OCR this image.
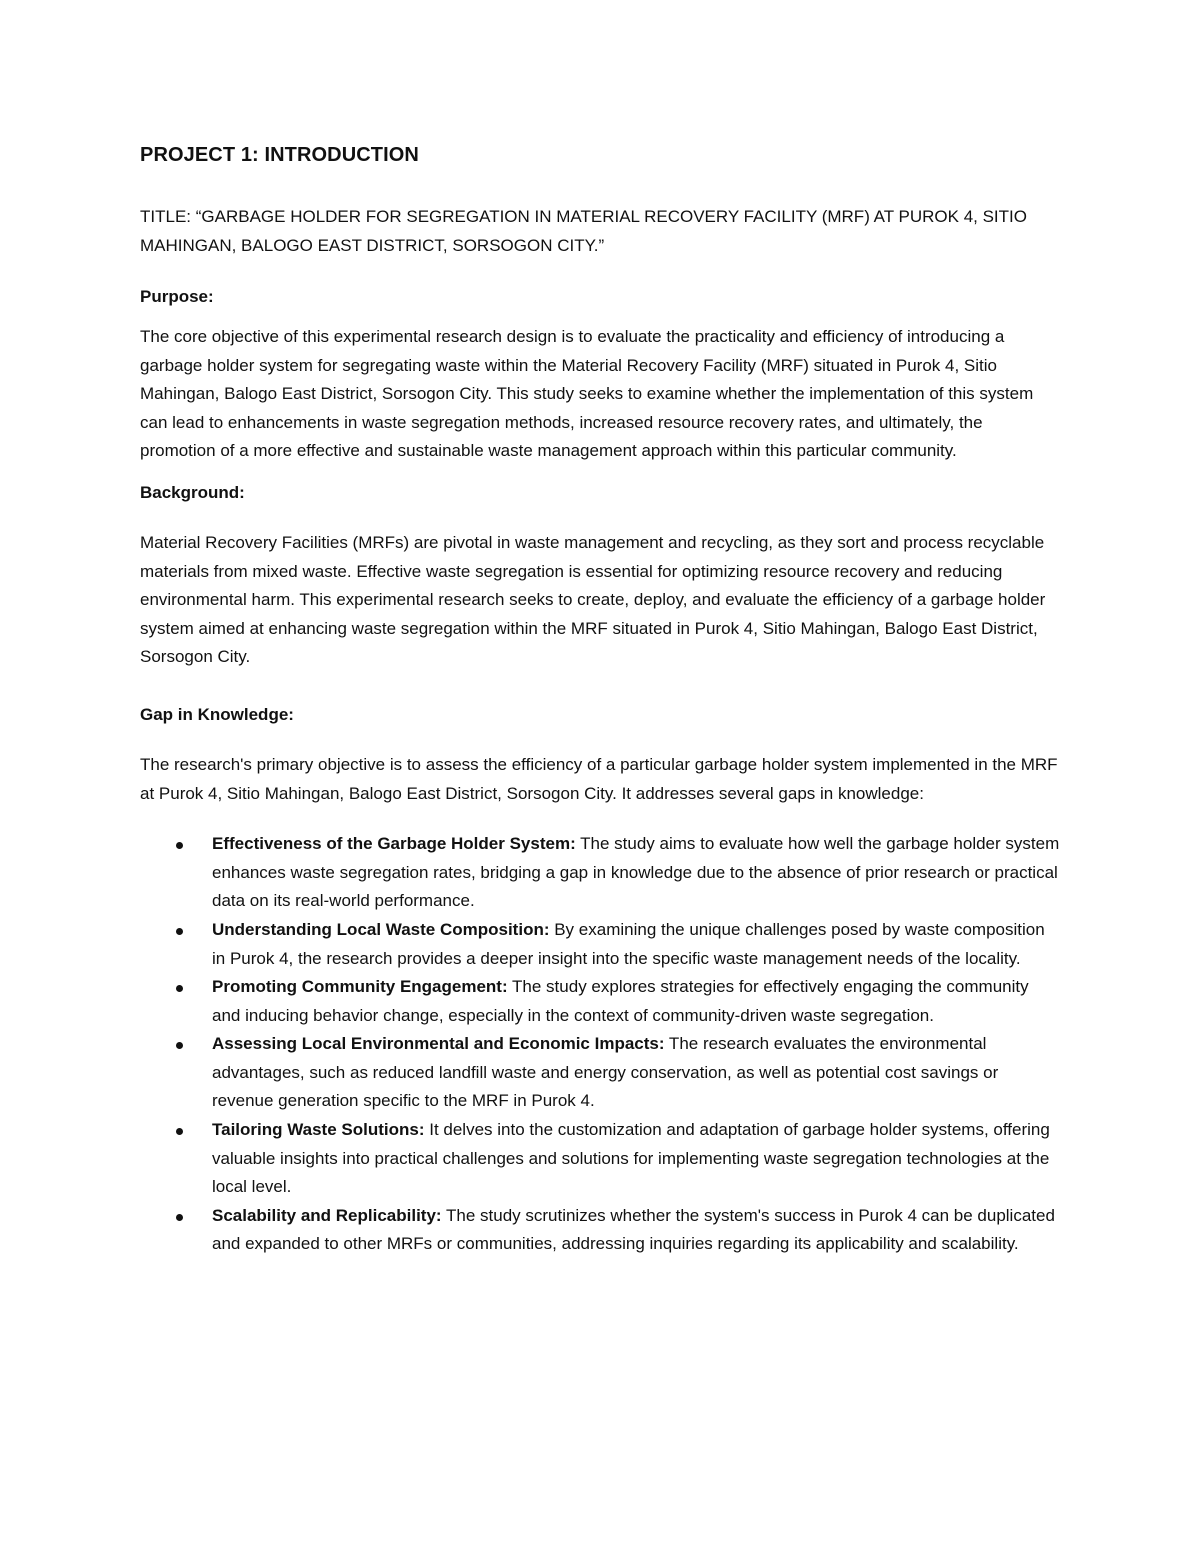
PROJECT 1: INTRODUCTION
TITLE: “GARBAGE HOLDER FOR SEGREGATION IN MATERIAL RECOVERY FACILITY (MRF) AT PUROK 4, SITIO MAHINGAN, BALOGO EAST DISTRICT, SORSOGON CITY.”
Purpose:
The core objective of this experimental research design is to evaluate the practicality and efficiency of introducing a garbage holder system for segregating waste within the Material Recovery Facility (MRF) situated in Purok 4, Sitio Mahingan, Balogo East District, Sorsogon City. This study seeks to examine whether the implementation of this system can lead to enhancements in waste segregation methods, increased resource recovery rates, and ultimately, the promotion of a more effective and sustainable waste management approach within this particular community.
Background:
Material Recovery Facilities (MRFs) are pivotal in waste management and recycling, as they sort and process recyclable materials from mixed waste. Effective waste segregation is essential for optimizing resource recovery and reducing environmental harm. This experimental research seeks to create, deploy, and evaluate the efficiency of a garbage holder system aimed at enhancing waste segregation within the MRF situated in Purok 4, Sitio Mahingan, Balogo East District, Sorsogon City.
Gap in Knowledge:
The research's primary objective is to assess the efficiency of a particular garbage holder system implemented in the MRF at Purok 4, Sitio Mahingan, Balogo East District, Sorsogon City. It addresses several gaps in knowledge:
Effectiveness of the Garbage Holder System: The study aims to evaluate how well the garbage holder system enhances waste segregation rates, bridging a gap in knowledge due to the absence of prior research or practical data on its real-world performance.
Understanding Local Waste Composition: By examining the unique challenges posed by waste composition in Purok 4, the research provides a deeper insight into the specific waste management needs of the locality.
Promoting Community Engagement: The study explores strategies for effectively engaging the community and inducing behavior change, especially in the context of community-driven waste segregation.
Assessing Local Environmental and Economic Impacts: The research evaluates the environmental advantages, such as reduced landfill waste and energy conservation, as well as potential cost savings or revenue generation specific to the MRF in Purok 4.
Tailoring Waste Solutions: It delves into the customization and adaptation of garbage holder systems, offering valuable insights into practical challenges and solutions for implementing waste segregation technologies at the local level.
Scalability and Replicability: The study scrutinizes whether the system's success in Purok 4 can be duplicated and expanded to other MRFs or communities, addressing inquiries regarding its applicability and scalability.
